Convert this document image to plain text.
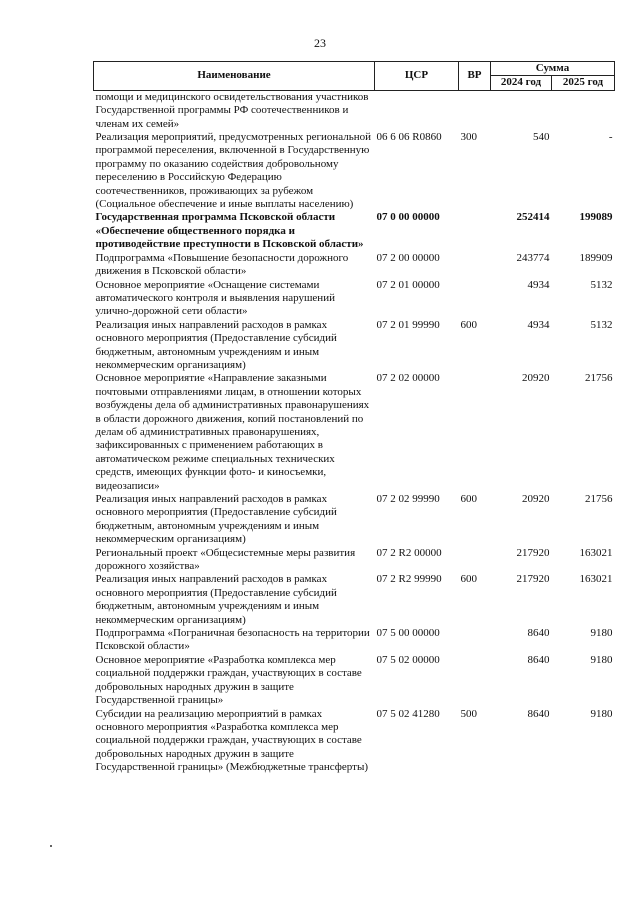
23
Наименование	ЦСР	ВР	Сумма	
			2024 год	2025 год
помощи и медицинского освидетельствования участников Государственной программы РФ соотечественников и членам их семей»				
Реализация мероприятий, предусмотренных региональной программой переселения, включенной в Государственную программу по оказанию содействия добровольному переселению в Российскую Федерацию соотечественников, проживающих за рубежом (Социальное обеспечение и иные выплаты населению)	06 6 06 R0860	300	540	-
Государственная программа Псковской области «Обеспечение общественного порядка и противодействие преступности в Псковской области»	07 0 00 00000		252414	199089
Подпрограмма «Повышение безопасности дорожного движения в Псковской области»	07 2 00 00000		243774	189909
Основное мероприятие «Оснащение системами автоматического контроля и выявления нарушений улично-дорожной сети области»	07 2 01 00000		4934	5132
Реализация иных направлений расходов в рамках основного мероприятия (Предоставление субсидий бюджетным, автономным учреждениям и иным некоммерческим организациям)	07 2 01 99990	600	4934	5132
Основное мероприятие «Направление заказными почтовыми отправлениями лицам, в отношении которых возбуждены дела об административных правонарушениях в области дорожного движения, копий постановлений по делам об административных правонарушениях, зафиксированных с применением работающих в автоматическом режиме специальных технических средств, имеющих функции фото- и киносъемки, видеозаписи»	07 2 02 00000		20920	21756
Реализация иных направлений расходов в рамках основного мероприятия (Предоставление субсидий бюджетным, автономным учреждениям и иным некоммерческим организациям)	07 2 02 99990	600	20920	21756
Региональный проект «Общесистемные меры развития дорожного хозяйства»	07 2 R2 00000		217920	163021
Реализация иных направлений расходов в рамках основного мероприятия (Предоставление субсидий бюджетным, автономным учреждениям и иным некоммерческим организациям)	07 2 R2 99990	600	217920	163021
Подпрограмма «Пограничная безопасность на территории Псковской области»	07 5 00 00000		8640	9180
Основное мероприятие «Разработка комплекса мер социальной поддержки граждан, участвующих в составе добровольных народных дружин в защите Государственной границы»	07 5 02 00000		8640	9180
Субсидии на реализацию мероприятий в рамках основного мероприятия «Разработка комплекса мер социальной поддержки граждан, участвующих в составе добровольных народных дружин в защите Государственной границы» (Межбюджетные трансферты)	07 5 02 41280	500	8640	9180
